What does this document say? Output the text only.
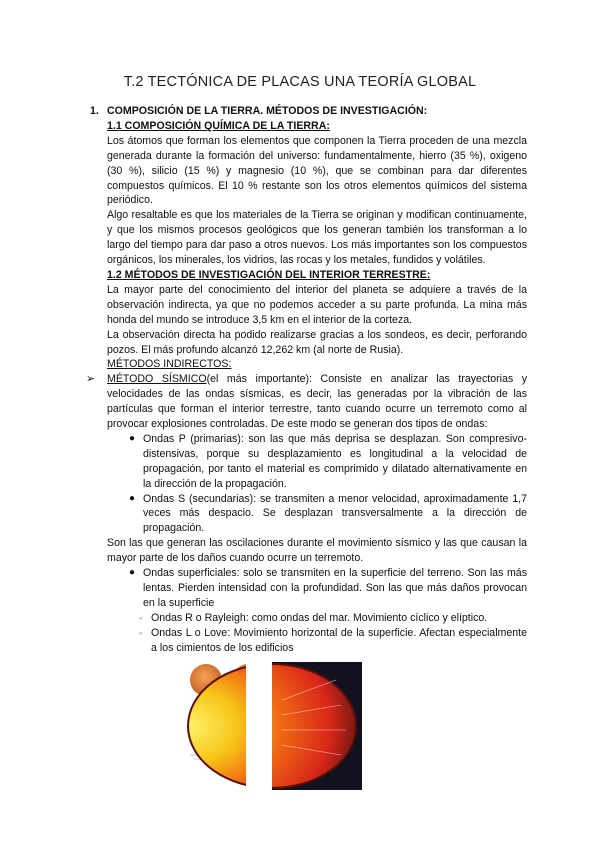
T.2 TECTÓNICA DE PLACAS UNA TEORÍA GLOBAL
1. COMPOSICIÓN DE LA TIERRA. MÉTODOS DE INVESTIGACIÓN:
1.1 COMPOSICIÓN QUÍMICA DE LA TIERRA:
Los átomos que forman los elementos que componen la Tierra proceden de una mezcla generada durante la formación del universo: fundamentalmente, hierro (35 %), oxigeno (30 %), silicio (15 %) y magnesio (10 %), que se combinan para dar diferentes compuestos químicos. El 10 % restante son los otros elementos químicos del sistema periódico.
Algo resaltable es que los materiales de la Tierra se originan y modifican continuamente, y que los mismos procesos geológicos que los generan también los transforman a lo largo del tiempo para dar paso a otros nuevos. Los más importantes son los compuestos orgánicos, los minerales, los vidrios, las rocas y los metales, fundidos y volátiles.
1.2 MÉTODOS DE INVESTIGACIÓN DEL INTERIOR TERRESTRE:
La mayor parte del conocimiento del interior del planeta se adquiere a través de la observación indirecta, ya que no podemos acceder a su parte profunda. La mina más honda del mundo se introduce 3,5 km en el interior de la corteza.
La observación directa ha podido realizarse gracias a los sondeos, es decir, perforando pozos. El más profundo alcanzó 12,262 km (al norte de Rusia).
MÉTODOS INDIRECTOS:
➢	MÉTODO SÍSMICO(el más importante): Consiste en analizar las trayectorias y velocidades de las ondas sísmicas, es decir, las generadas por la vibración de las partículas que forman el interior terrestre, tanto cuando ocurre un terremoto como al provocar explosiones controladas. De este modo se generan dos tipos de ondas:
● Ondas P (primarias): son las que más deprisa se desplazan. Son compresivo-distensivas, porque su desplazamiento es longitudinal a la velocidad de propagación, por tanto el material es comprimido y dilatado alternativamente en la dirección de la propagación.
● Ondas S (secundarias): se transmiten a menor velocidad, aproximadamente 1,7 veces más despacio. Se desplazan transversalmente a la dirección de propagación.
Son las que generan las oscilaciones durante el movimiento sísmico y las que causan la mayor parte de los daños cuando ocurre un terremoto.
● Ondas superficiales: solo se transmiten en la superficie del terreno. Son las más lentas. Pierden intensidad con la profundidad. Son las que más daños provocan en la superficie
◦ Ondas R o Rayleigh: como ondas del mar. Movimiento cíclico y elíptico.
◦ Ondas L o Love: Movimiento horizontal de la superficie. Afectan especialmente a los cimientos de los edificios
